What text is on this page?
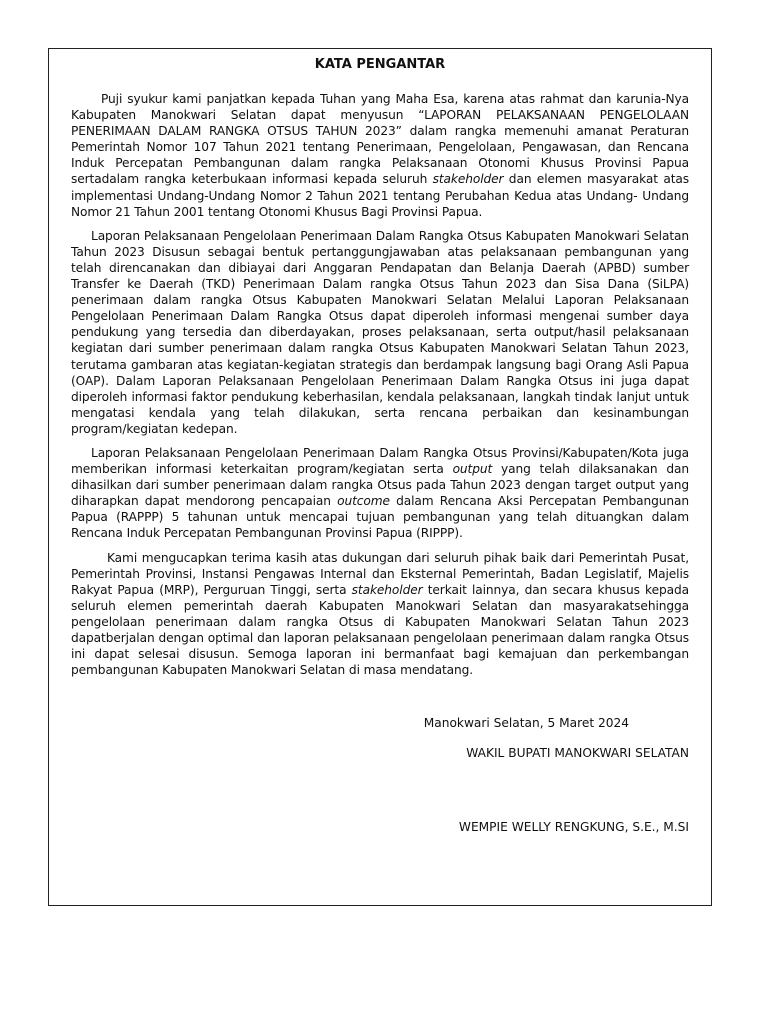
KATA PENGANTAR

Puji syukur kami panjatkan kepada Tuhan yang Maha Esa, karena atas rahmat dan karunia-Nya Kabupaten Manokwari Selatan dapat menyusun “LAPORAN PELAKSANAAN PENGELOLAAN PENERIMAAN DALAM RANGKA OTSUS TAHUN 2023” dalam rangka memenuhi amanat Peraturan Pemerintah Nomor 107 Tahun 2021 tentang Penerimaan, Pengelolaan, Pengawasan, dan Rencana Induk Percepatan Pembangunan dalam rangka Pelaksanaan Otonomi Khusus Provinsi Papua sertadalam rangka keterbukaan informasi kepada seluruh stakeholder dan elemen masyarakat atas implementasi Undang-Undang Nomor 2 Tahun 2021 tentang Perubahan Kedua atas Undang- Undang Nomor 21 Tahun 2001 tentang Otonomi Khusus Bagi Provinsi Papua.

Laporan Pelaksanaan Pengelolaan Penerimaan Dalam Rangka Otsus Kabupaten Manokwari Selatan Tahun 2023 Disusun sebagai bentuk pertanggungjawaban atas pelaksanaan pembangunan yang telah direncanakan dan dibiayai dari Anggaran Pendapatan dan Belanja Daerah (APBD) sumber Transfer ke Daerah (TKD) Penerimaan Dalam rangka Otsus Tahun 2023 dan Sisa Dana (SiLPA) penerimaan dalam rangka Otsus Kabupaten Manokwari Selatan Melalui Laporan Pelaksanaan Pengelolaan Penerimaan Dalam Rangka Otsus dapat diperoleh informasi mengenai sumber daya pendukung yang tersedia dan diberdayakan, proses pelaksanaan, serta output/hasil pelaksanaan kegiatan dari sumber penerimaan dalam rangka Otsus Kabupaten Manokwari Selatan Tahun 2023, terutama gambaran atas kegiatan-kegiatan strategis dan berdampak langsung bagi Orang Asli Papua (OAP). Dalam Laporan Pelaksanaan Pengelolaan Penerimaan Dalam Rangka Otsus ini juga dapat diperoleh informasi faktor pendukung keberhasilan, kendala pelaksanaan, langkah tindak lanjut untuk mengatasi kendala yang telah dilakukan, serta rencana perbaikan dan kesinambungan program/kegiatan kedepan.

Laporan Pelaksanaan Pengelolaan Penerimaan Dalam Rangka Otsus Provinsi/Kabupaten/Kota juga memberikan informasi keterkaitan program/kegiatan serta output yang telah dilaksanakan dan dihasilkan dari sumber penerimaan dalam rangka Otsus pada Tahun 2023 dengan target output yang diharapkan dapat mendorong pencapaian outcome dalam Rencana Aksi Percepatan Pembangunan Papua (RAPPP) 5 tahunan untuk mencapai tujuan pembangunan yang telah dituangkan dalam Rencana Induk Percepatan Pembangunan Provinsi Papua (RIPPP).

Kami mengucapkan terima kasih atas dukungan dari seluruh pihak baik dari Pemerintah Pusat, Pemerintah Provinsi, Instansi Pengawas Internal dan Eksternal Pemerintah, Badan Legislatif, Majelis Rakyat Papua (MRP), Perguruan Tinggi, serta stakeholder terkait lainnya, dan secara khusus kepada seluruh elemen pemerintah daerah Kabupaten Manokwari Selatan dan masyarakatsehingga pengelolaan penerimaan dalam rangka Otsus di Kabupaten Manokwari Selatan Tahun 2023 dapatberjalan dengan optimal dan laporan pelaksanaan pengelolaan penerimaan dalam rangka Otsus ini dapat selesai disusun. Semoga laporan ini bermanfaat bagi kemajuan dan perkembangan pembangunan Kabupaten Manokwari Selatan di masa mendatang.

Manokwari Selatan, 5 Maret 2024
WAKIL BUPATI MANOKWARI SELATAN
WEMPIE WELLY RENGKUNG, S.E., M.SI
